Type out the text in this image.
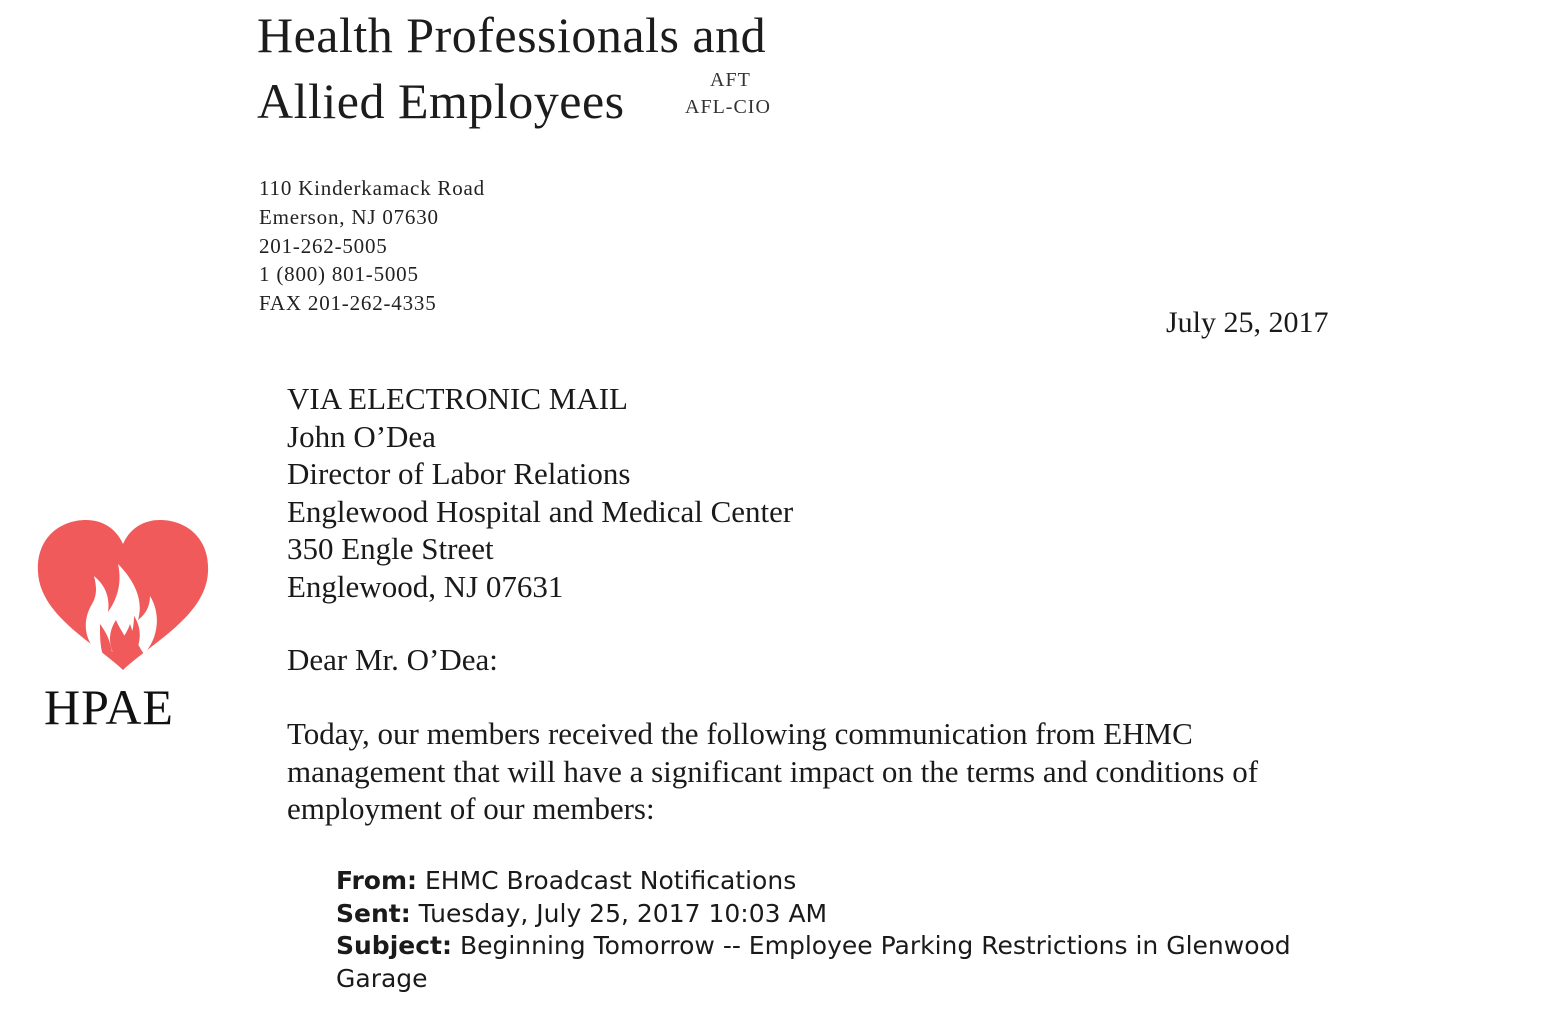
Health Professionals and
Allied Employees	AFT
AFL-CIO
110 Kinderkamack Road
Emerson, NJ 07630
201-262-5005
1 (800) 801-5005
FAX 201-262-4335
July 25, 2017
VIA ELECTRONIC MAIL
John O’Dea
Director of Labor Relations
Englewood Hospital and Medical Center
350 Engle Street
Englewood, NJ 07631
Dear Mr. O’Dea:
Today, our members received the following communication from EHMC
management that will have a significant impact on the terms and conditions of
employment of our members:
From: EHMC Broadcast Notifications
Sent: Tuesday, July 25, 2017 10:03 AM
Subject: Beginning Tomorrow -- Employee Parking Restrictions in Glenwood
Garage
HPAE
